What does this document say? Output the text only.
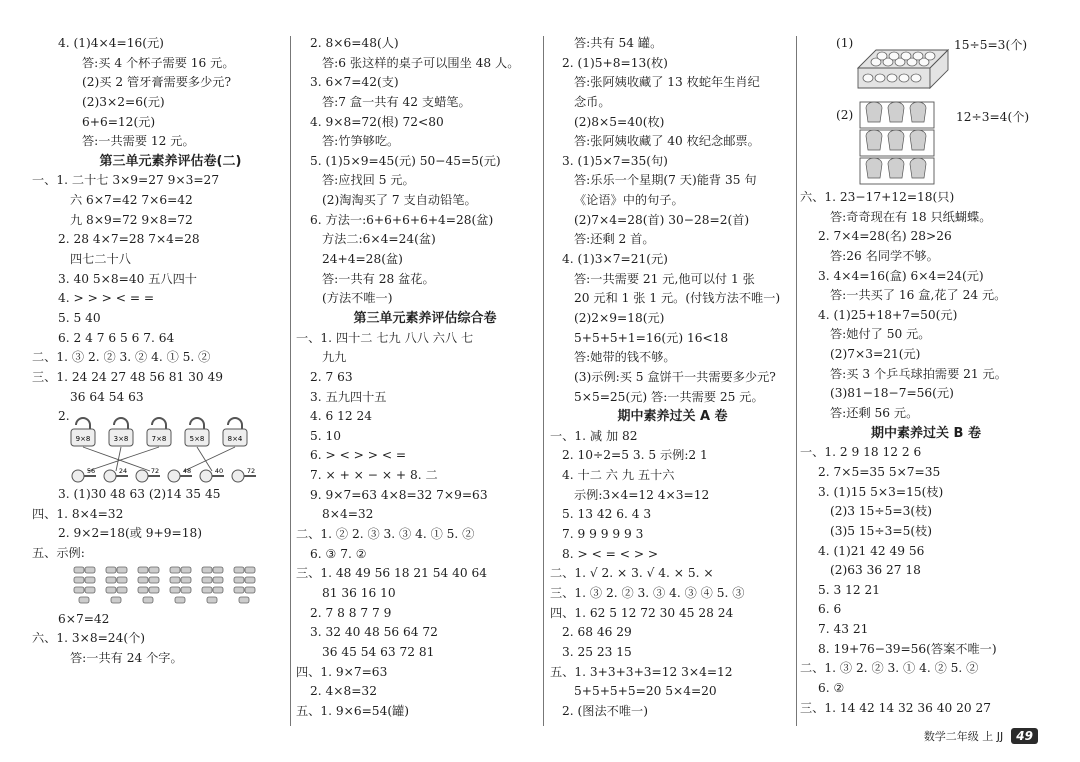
4. (1)4×4=16(元)
答:买 4 个杯子需要 16 元。
(2)买 2 管牙膏需要多少元?
(2)3×2=6(元)
6+6=12(元)
答:一共需要 12 元。
第三单元素养评估卷(二)
一、1. 二十七 3×9=27 9×3=27
六 6×7=42 7×6=42
九 8×9=72 9×8=72
2. 28 4×7=28 7×4=28
四七二十八
3. 40 5×8=40 五八四十
4. > > > < = =
5. 5 40
6. 2 4 7 6 5 6 7. 64
二、1. ③ 2. ② 3. ② 4. ① 5. ②
三、1. 24 24 27 48 56 81 30 49
36 64 54 63
2.
9×8	3×8	7×8	5×8	8×4
56	24	72	48	40	72
3. (1)30 48 63 (2)14 35 45
四、1. 8×4=32
2. 9×2=18(或 9+9=18)
五、示例:
6×7=42
六、1. 3×8=24(个)
答:一共有 24 个字。
2. 8×6=48(人)
答:6 张这样的桌子可以围坐 48 人。
3. 6×7=42(支)
答:7 盒一共有 42 支蜡笔。
4. 9×8=72(根) 72<80
答:竹笋够吃。
5. (1)5×9=45(元) 50−45=5(元)
答:应找回 5 元。
(2)淘淘买了 7 支自动铅笔。
6. 方法一:6+6+6+6+4=28(盆)
方法二:6×4=24(盆)
24+4=28(盆)
答:一共有 28 盆花。
(方法不唯一)
第三单元素养评估综合卷
一、1. 四十二 七九 八八 六八 七
九九
2. 7 63
3. 五九四十五
4. 6 12 24
5. 10
6. > < > > < =
7. × + × − × + 8. 二
9. 9×7=63 4×8=32 7×9=63
8×4=32
二、1. ② 2. ③ 3. ③ 4. ① 5. ②
6. ③ 7. ②
三、1. 48 49 56 18 21 54 40 64
81 36 16 10
2. 7 8 8 7 7 9
3. 32 40 48 56 64 72
36 45 54 63 72 81
四、1. 9×7=63
2. 4×8=32
五、1. 9×6=54(罐)
答:共有 54 罐。
2. (1)5+8=13(枚)
答:张阿姨收藏了 13 枚蛇年生肖纪
念币。
(2)8×5=40(枚)
答:张阿姨收藏了 40 枚纪念邮票。
3. (1)5×7=35(句)
答:乐乐一个星期(7 天)能背 35 句
《论语》中的句子。
(2)7×4=28(首) 30−28=2(首)
答:还剩 2 首。
4. (1)3×7=21(元)
答:一共需要 21 元,他可以付 1 张
20 元和 1 张 1 元。(付钱方法不唯一)
(2)2×9=18(元)
5+5+5+1=16(元) 16<18
答:她带的钱不够。
(3)示例:买 5 盒饼干一共需要多少元?
5×5=25(元) 答:一共需要 25 元。
期中素养过关 A 卷
一、1. 减 加 82
2. 10÷2=5 3. 5 示例:2 1
4. 十二 六 九 五十六
示例:3×4=12 4×3=12
5. 13 42 6. 4 3
7. 9 9 9 9 9 3
8. > < = < > >
二、1. √ 2. × 3. √ 4. × 5. ×
三、1. ③ 2. ② 3. ③ 4. ③ ④ 5. ③
四、1. 62 5 12 72 30 45 28 24
2. 68 46 29
3. 25 23 15
五、1. 3+3+3+3=12 3×4=12
5+5+5+5=20 5×4=20
2. (图法不唯一)
(1)	15÷5=3(个)
(2)	12÷3=4(个)
六、1. 23−17+12=18(只)
答:奇奇现在有 18 只纸蝴蝶。
2. 7×4=28(名) 28>26
答:26 名同学不够。
3. 4×4=16(盒) 6×4=24(元)
答:一共买了 16 盒,花了 24 元。
4. (1)25+18+7=50(元)
答:她付了 50 元。
(2)7×3=21(元)
答:买 3 个乒乓球拍需要 21 元。
(3)81−18−7=56(元)
答:还剩 56 元。
期中素养过关 B 卷
一、1. 2 9 18 12 2 6
2. 7×5=35 5×7=35
3. (1)15 5×3=15(枝)
(2)3 15÷5=3(枝)
(3)5 15÷3=5(枝)
4. (1)21 42 49 56
(2)63 36 27 18
5. 3 12 21
6. 6
7. 43 21
8. 19+76−39=56(答案不唯一)
二、1. ③ 2. ② 3. ① 4. ② 5. ②
6. ②
三、1. 14 42 14 32 36 40 20 27
数学二年级 上 JJ	49
